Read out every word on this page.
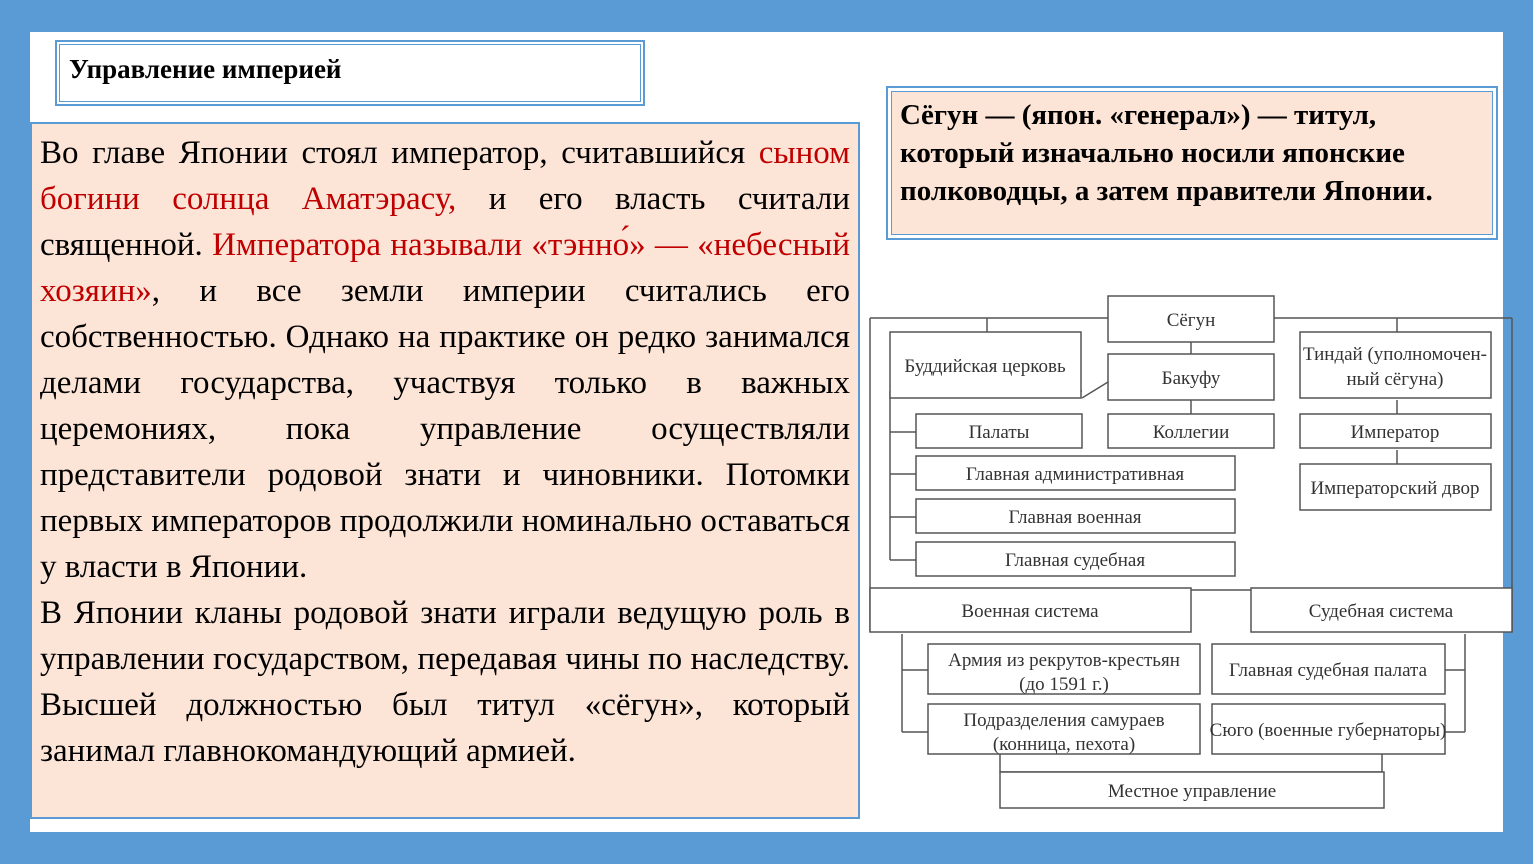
Управление империей

Во главе Японии стоял император, считавшийся сыном богини солнца Аматэрасу, и его власть считали священной. Императора называли «тэнно́» — «небесный хозяин», и все земли империи считались его собственностью. Однако на практике он редко занимался делами государства, участвуя только в важных церемониях, пока управление осуществляли представители родовой знати и чиновники. Потомки первых императоров продолжили номинально оставаться у власти в Японии.

В Японии кланы родовой знати играли ведущую роль в управлении государством, передавая чины по наследству. Высшей должностью был титул «сёгун», который занимал главнокомандующий армией.

Сёгун — (япон. «генерал») — титул, который изначально носили японские полководцы, а затем правители Японии.
Сёгун
Буддийская церковь
Бакуфу
Тиндай (уполномочен-
ный сёгуна)
Палаты	Коллегии	Император
Главная административная
Императорский двор
Главная военная
Главная судебная
Военная система	Судебная система
Армия из рекрутов-крестьян
(до 1591 г.)
Главная судебная палата
Подразделения самураев
(конница, пехота)
Сюго (военные губернаторы)
Местное управление
